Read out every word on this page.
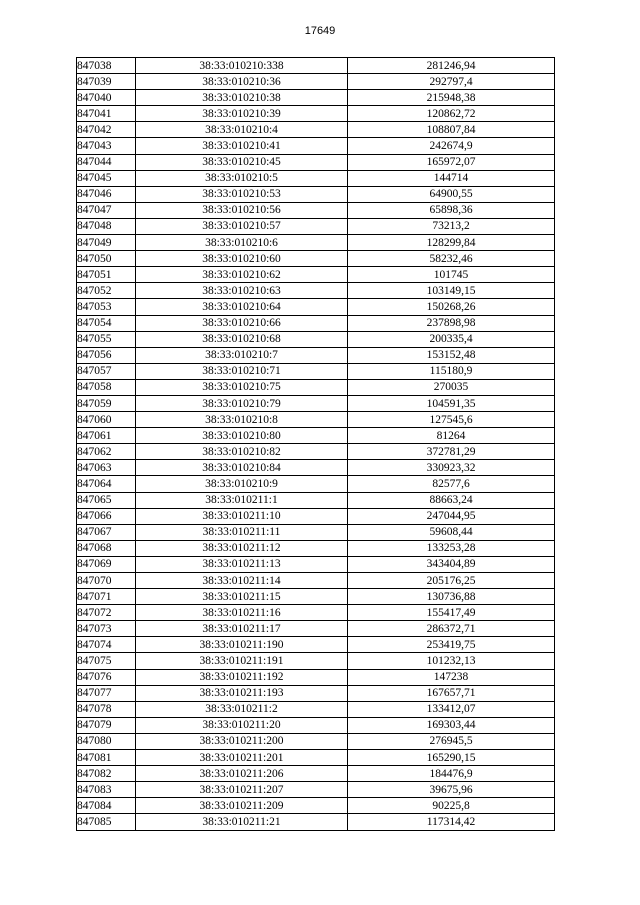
17649
847038	38:33:010210:338	281246,94
847039	38:33:010210:36	292797,4
847040	38:33:010210:38	215948,38
847041	38:33:010210:39	120862,72
847042	38:33:010210:4	108807,84
847043	38:33:010210:41	242674,9
847044	38:33:010210:45	165972,07
847045	38:33:010210:5	144714
847046	38:33:010210:53	64900,55
847047	38:33:010210:56	65898,36
847048	38:33:010210:57	73213,2
847049	38:33:010210:6	128299,84
847050	38:33:010210:60	58232,46
847051	38:33:010210:62	101745
847052	38:33:010210:63	103149,15
847053	38:33:010210:64	150268,26
847054	38:33:010210:66	237898,98
847055	38:33:010210:68	200335,4
847056	38:33:010210:7	153152,48
847057	38:33:010210:71	115180,9
847058	38:33:010210:75	270035
847059	38:33:010210:79	104591,35
847060	38:33:010210:8	127545,6
847061	38:33:010210:80	81264
847062	38:33:010210:82	372781,29
847063	38:33:010210:84	330923,32
847064	38:33:010210:9	82577,6
847065	38:33:010211:1	88663,24
847066	38:33:010211:10	247044,95
847067	38:33:010211:11	59608,44
847068	38:33:010211:12	133253,28
847069	38:33:010211:13	343404,89
847070	38:33:010211:14	205176,25
847071	38:33:010211:15	130736,88
847072	38:33:010211:16	155417,49
847073	38:33:010211:17	286372,71
847074	38:33:010211:190	253419,75
847075	38:33:010211:191	101232,13
847076	38:33:010211:192	147238
847077	38:33:010211:193	167657,71
847078	38:33:010211:2	133412,07
847079	38:33:010211:20	169303,44
847080	38:33:010211:200	276945,5
847081	38:33:010211:201	165290,15
847082	38:33:010211:206	184476,9
847083	38:33:010211:207	39675,96
847084	38:33:010211:209	90225,8
847085	38:33:010211:21	117314,42
